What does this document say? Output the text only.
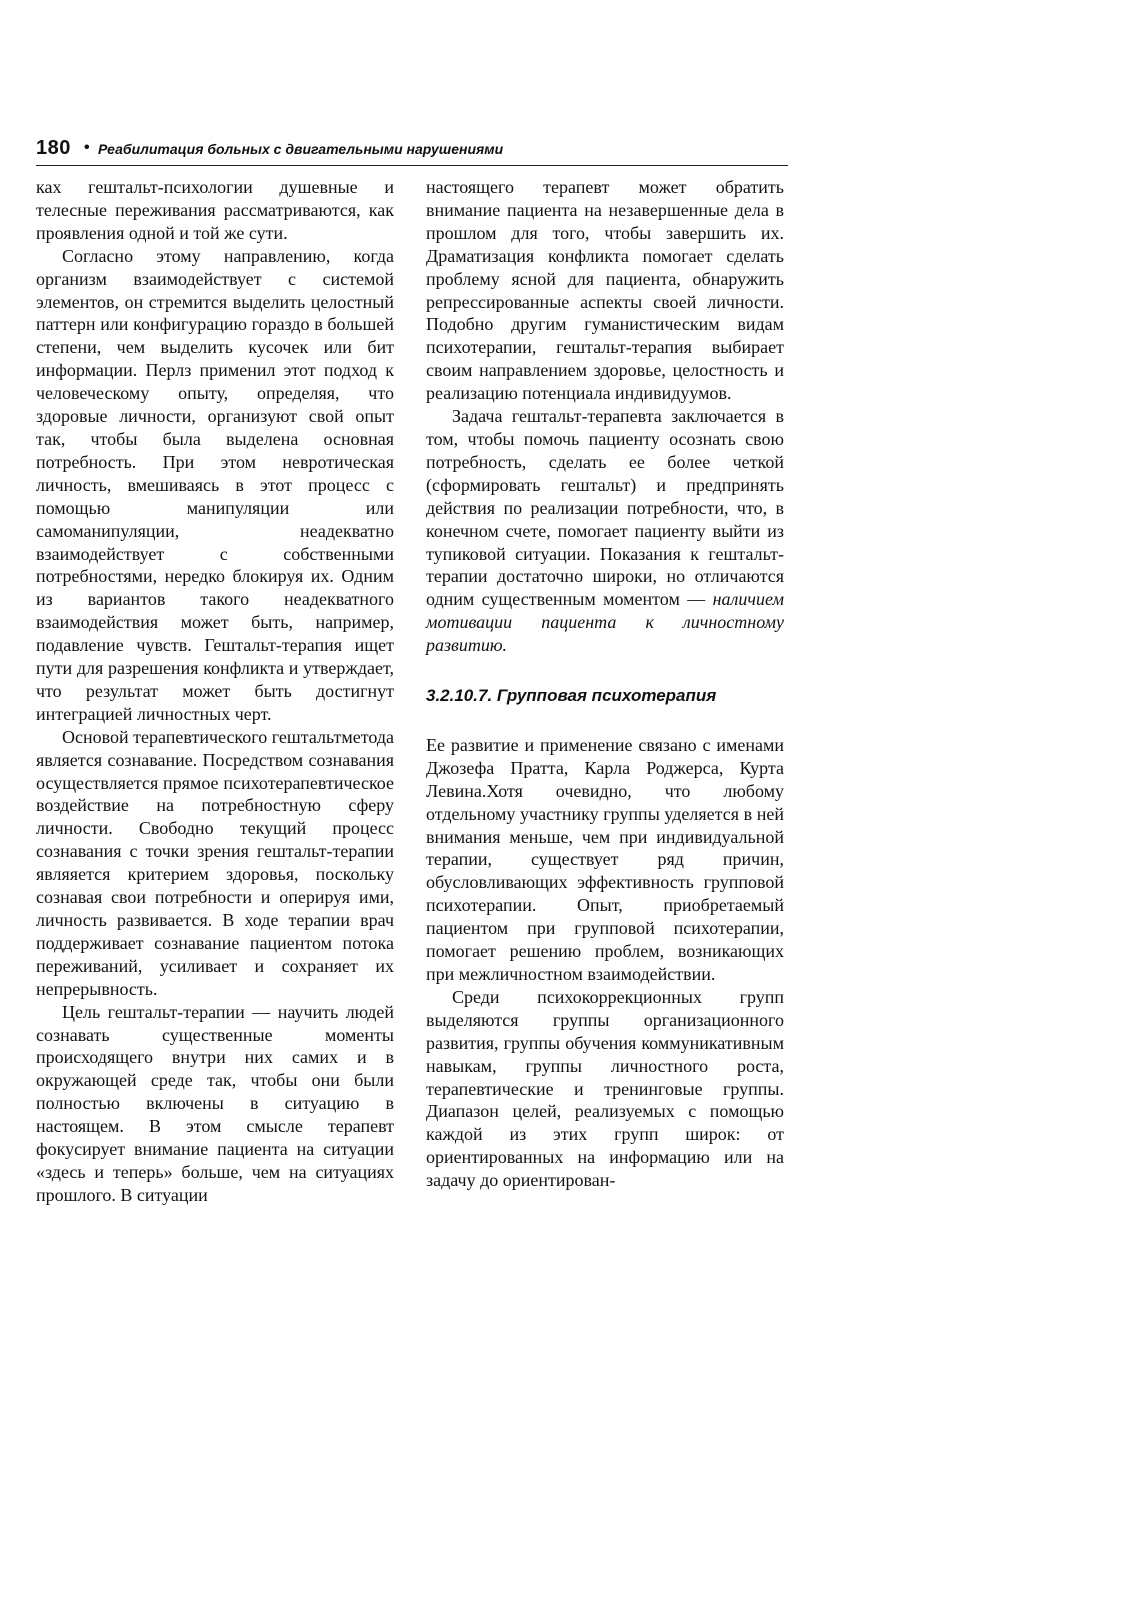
180 • Реабилитация больных с двигательными нарушениями

ках гештальт-психологии душевные и телесные переживания рассматриваются, как проявления одной и той же сути.

Согласно этому направлению, когда организм взаимодействует с системой элементов, он стремится выделить целостный паттерн или конфигурацию гораздо в большей степени, чем выделить кусочек или бит информации. Перлз применил этот подход к человеческому опыту, определяя, что здоровые личности, организуют свой опыт так, чтобы была выделена основная потребность. При этом невротическая личность, вмешиваясь в этот процесс с помощью манипуляции или самоманипуляции, неадекватно взаимодействует с собственными потребностями, нередко блокируя их. Одним из вариантов такого неадекватного взаимодействия может быть, например, подавление чувств. Гештальт-терапия ищет пути для разрешения конфликта и утверждает, что результат может быть достигнут интеграцией личностных черт.

Основой терапевтического гештальтметода является сознавание. Посредством сознавания осуществляется прямое психотерапевтическое воздействие на потребностную сферу личности. Свободно текущий процесс сознавания с точки зрения гештальт-терапии являяется критерием здоровья, поскольку сознавая свои потребности и оперируя ими, личность развивается. В ходе терапии врач поддерживает сознавание пациентом потока переживаний, усиливает и сохраняет их непрерывность.

Цель гештальт-терапии — научить людей сознавать существенные моменты происходящего внутри них самих и в окружающей среде так, чтобы они были полностью включены в ситуацию в настоящем. В этом смысле терапевт фокусирует внимание пациента на ситуации «здесь и теперь» больше, чем на ситуациях прошлого. В ситуации

настоящего терапевт может обратить внимание пациента на незавершенные дела в прошлом для того, чтобы завершить их. Драматизация конфликта помогает сделать проблему ясной для пациента, обнаружить репрессированные аспекты своей личности. Подобно другим гуманистическим видам психотерапии, гештальт-терапия выбирает своим направлением здоровье, целостность и реализацию потенциала индивидуумов.

Задача гештальт-терапевта заключается в том, чтобы помочь пациенту осознать свою потребность, сделать ее более четкой (сформировать гештальт) и предпринять действия по реализации потребности, что, в конечном счете, помогает пациенту выйти из тупиковой ситуации. Показания к гештальт-терапии достаточно широки, но отличаются одним существенным моментом — наличием мотивации пациента к личностному развитию.

3.2.10.7. Групповая психотерапия

Ее развитие и применение связано с именами Джозефа Пратта, Карла Роджерса, Курта Левина.Хотя очевидно, что любому отдельному участнику группы уделяется в ней внимания меньше, чем при индивидуальной терапии, существует ряд причин, обусловливающих эффективность групповой психотерапии. Опыт, приобретаемый пациентом при групповой психотерапии, помогает решению проблем, возникающих при межличностном взаимодействии.

Среди психокоррекционных групп выделяются группы организационного развития, группы обучения коммуникативным навыкам, группы личностного роста, терапевтические и тренинговые группы. Диапазон целей, реализуемых с помощью каждой из этих групп широк: от ориентированных на информацию или на задачу до ориентирован-
